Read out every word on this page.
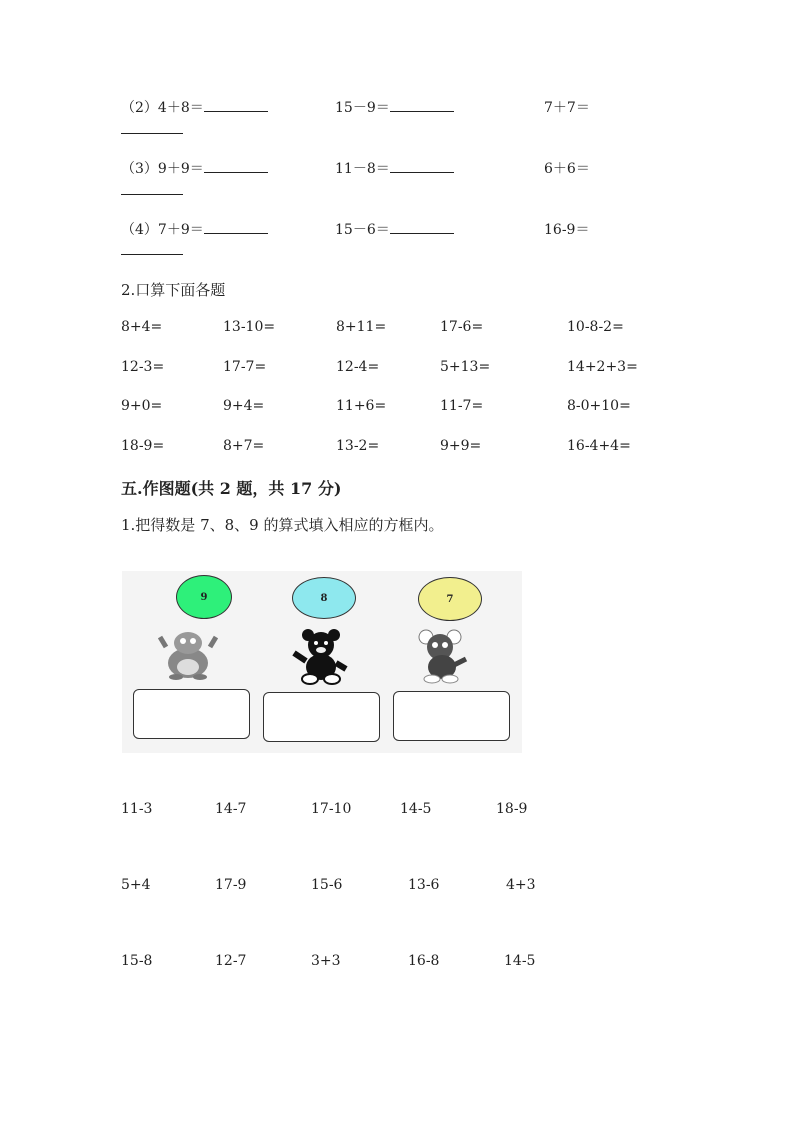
（2）4＋8＝	15－9＝	7＋7＝
（3）9＋9＝	11－8＝	6＋6＝
（4）7＋9＝	15－6＝	16-9＝
2.口算下面各题
8+4=	13-10=	8+11=	17-6=	10-8-2=
12-3=	17-7=	12-4=	5+13=	14+2+3=
9+0=	9+4=	11+6=	11-7=	8-0+10=
18-9=	8+7=	13-2=	9+9=	16-4+4=
五.作图题(共 2 题，共 17 分)
1.把得数是 7、8、9 的算式填入相应的方框内。
9	8	7
11-3	14-7	17-10	14-5	18-9
5+4	17-9	15-6	13-6	4+3
15-8	12-7	3+3	16-8	14-5
